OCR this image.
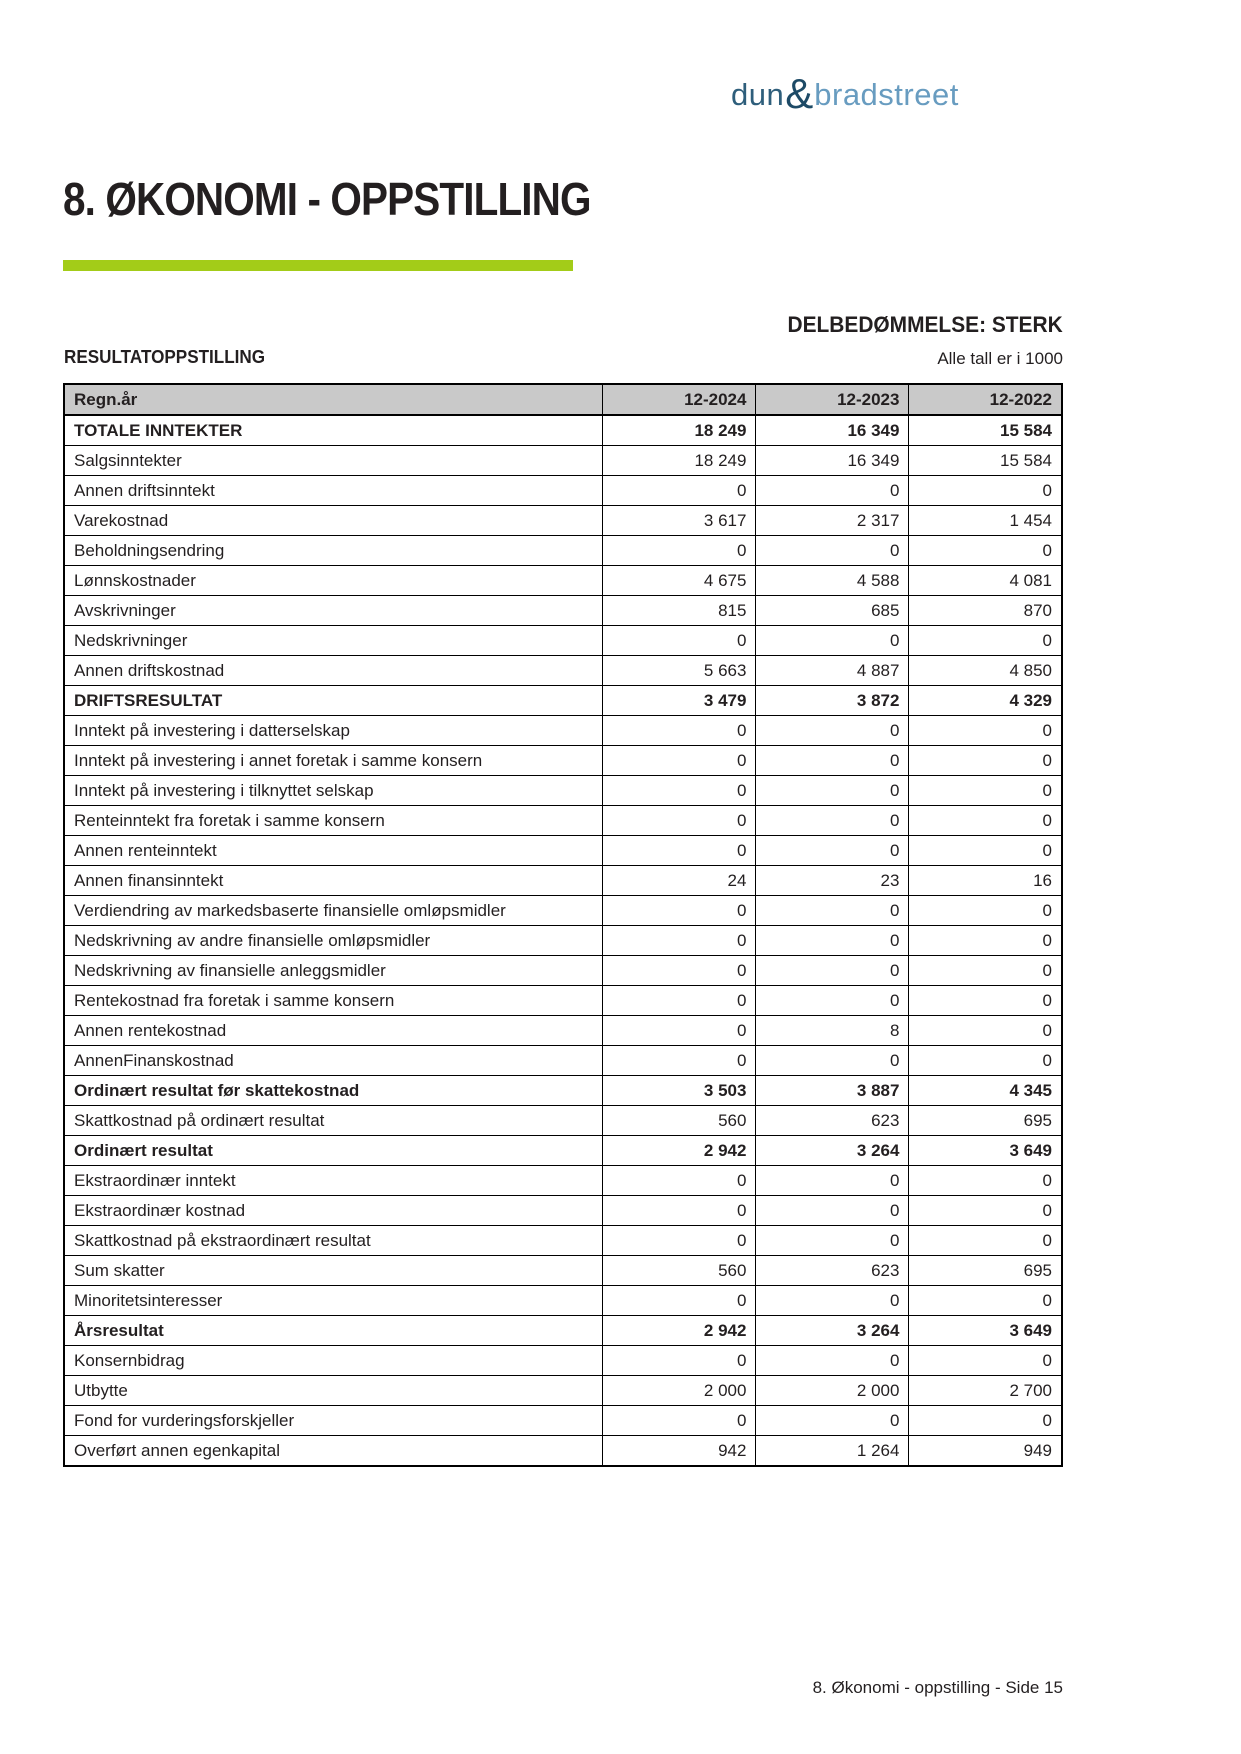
dun & bradstreet
8. ØKONOMI - OPPSTILLING
DELBEDØMMELSE: STERK
RESULTATOPPSTILLING	Alle tall er i 1000
Regn.år	12-2024	12-2023	12-2022
TOTALE INNTEKTER	18 249	16 349	15 584
Salgsinntekter	18 249	16 349	15 584
Annen driftsinntekt	0	0	0
Varekostnad	3 617	2 317	1 454
Beholdningsendring	0	0	0
Lønnskostnader	4 675	4 588	4 081
Avskrivninger	815	685	870
Nedskrivninger	0	0	0
Annen driftskostnad	5 663	4 887	4 850
DRIFTSRESULTAT	3 479	3 872	4 329
Inntekt på investering i datterselskap	0	0	0
Inntekt på investering i annet foretak i samme konsern	0	0	0
Inntekt på investering i tilknyttet selskap	0	0	0
Renteinntekt fra foretak i samme konsern	0	0	0
Annen renteinntekt	0	0	0
Annen finansinntekt	24	23	16
Verdiendring av markedsbaserte finansielle omløpsmidler	0	0	0
Nedskrivning av andre finansielle omløpsmidler	0	0	0
Nedskrivning av finansielle anleggsmidler	0	0	0
Rentekostnad fra foretak i samme konsern	0	0	0
Annen rentekostnad	0	8	0
AnnenFinanskostnad	0	0	0
Ordinært resultat før skattekostnad	3 503	3 887	4 345
Skattkostnad på ordinært resultat	560	623	695
Ordinært resultat	2 942	3 264	3 649
Ekstraordinær inntekt	0	0	0
Ekstraordinær kostnad	0	0	0
Skattkostnad på ekstraordinært resultat	0	0	0
Sum skatter	560	623	695
Minoritetsinteresser	0	0	0
Årsresultat	2 942	3 264	3 649
Konsernbidrag	0	0	0
Utbytte	2 000	2 000	2 700
Fond for vurderingsforskjeller	0	0	0
Overført annen egenkapital	942	1 264	949
8. Økonomi - oppstilling - Side 15
